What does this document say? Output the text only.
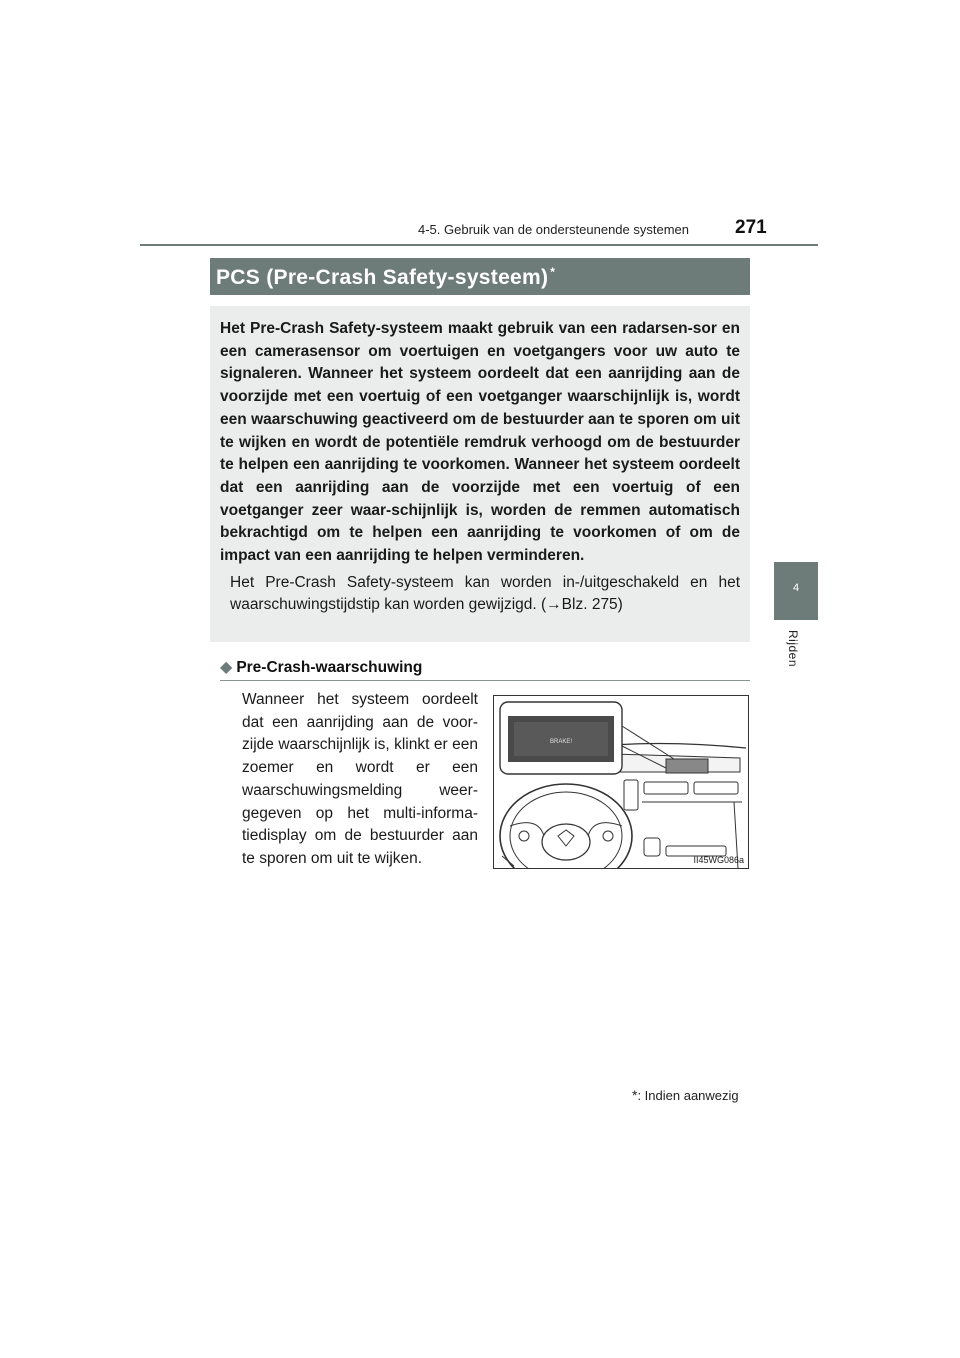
4-5. Gebruik van de ondersteunende systemen 271
4
Rijden
PCS (Pre-Crash Safety-systeem) *

Het Pre-Crash Safety-systeem maakt gebruik van een radarsen-sor en een camerasensor om voertuigen en voetgangers voor uw auto te signaleren. Wanneer het systeem oordeelt dat een aanrijding aan de voorzijde met een voertuig of een voetganger waarschijnlijk is, wordt een waarschuwing geactiveerd om de bestuurder aan te sporen om uit te wijken en wordt de potentiële remdruk verhoogd om de bestuurder te helpen een aanrijding te voorkomen. Wanneer het systeem oordeelt dat een aanrijding aan de voorzijde met een voertuig of een voetganger zeer waar-schijnlijk is, worden de remmen automatisch bekrachtigd om te helpen een aanrijding te voorkomen of om de impact van een aanrijding te helpen verminderen.

Het Pre-Crash Safety-systeem kan worden in-/uitgeschakeld en het waarschuwingstijdstip kan worden gewijzigd. (→Blz. 275)

◆ Pre-Crash-waarschuwing

Wanneer het systeem oordeelt dat een aanrijding aan de voor-zijde waarschijnlijk is, klinkt er een zoemer en wordt er een waarschuwingsmelding weer-gegeven op het multi-informa-tiedisplay om de bestuurder aan te sporen om uit te wijken.

BRAKE!
II45WG086a
*: Indien aanwezig
